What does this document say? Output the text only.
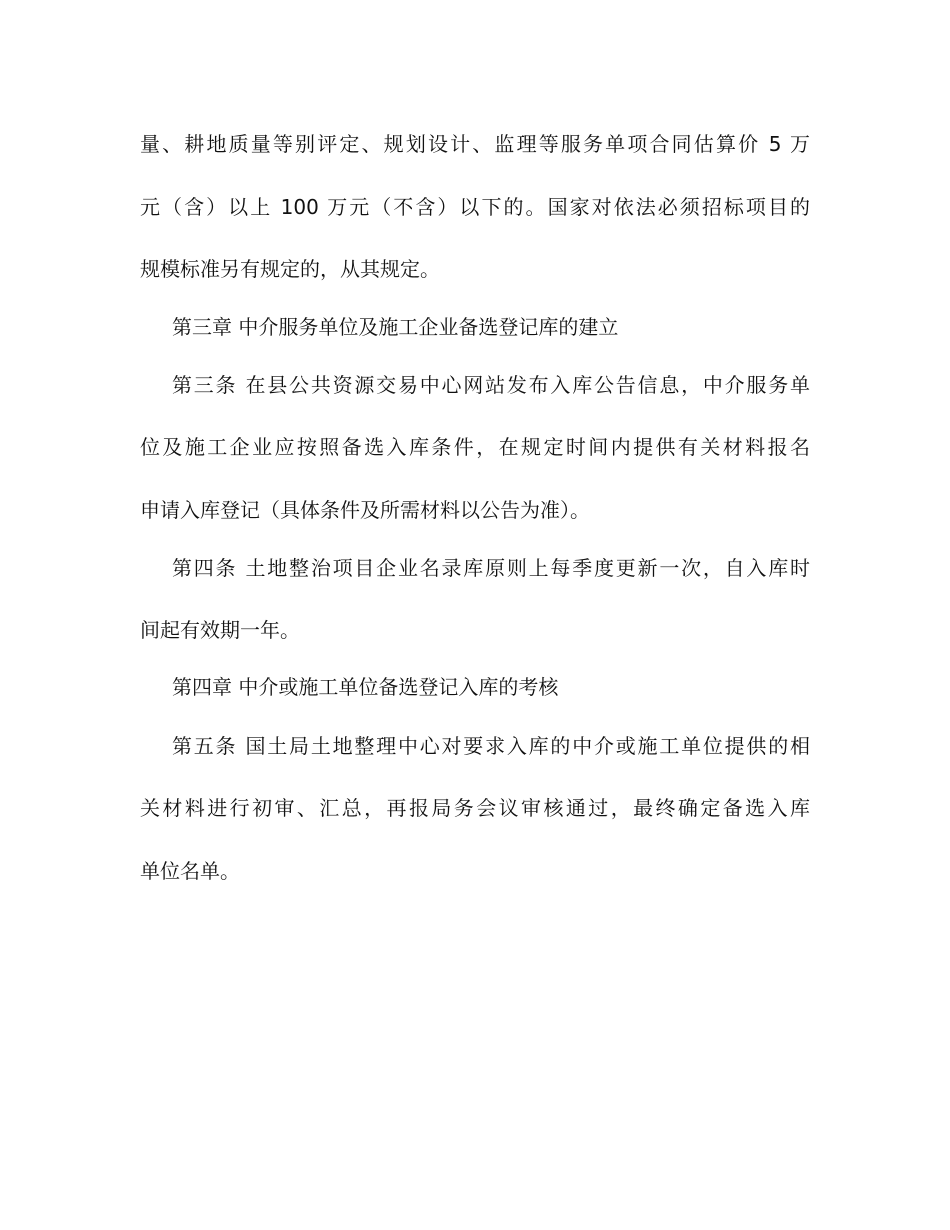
量、耕地质量等别评定、规划设计、监理等服务单项合同估算价 5 万
元（含）以上 100 万元（不含）以下的。国家对依法必须招标项目的
规模标准另有规定的，从其规定。
第三章 中介服务单位及施工企业备选登记库的建立
第三条 在县公共资源交易中心网站发布入库公告信息，中介服务单
位及施工企业应按照备选入库条件，在规定时间内提供有关材料报名
申请入库登记（具体条件及所需材料以公告为准）。
第四条 土地整治项目企业名录库原则上每季度更新一次，自入库时
间起有效期一年。
第四章 中介或施工单位备选登记入库的考核
第五条 国土局土地整理中心对要求入库的中介或施工单位提供的相
关材料进行初审、汇总，再报局务会议审核通过，最终确定备选入库
单位名单。
